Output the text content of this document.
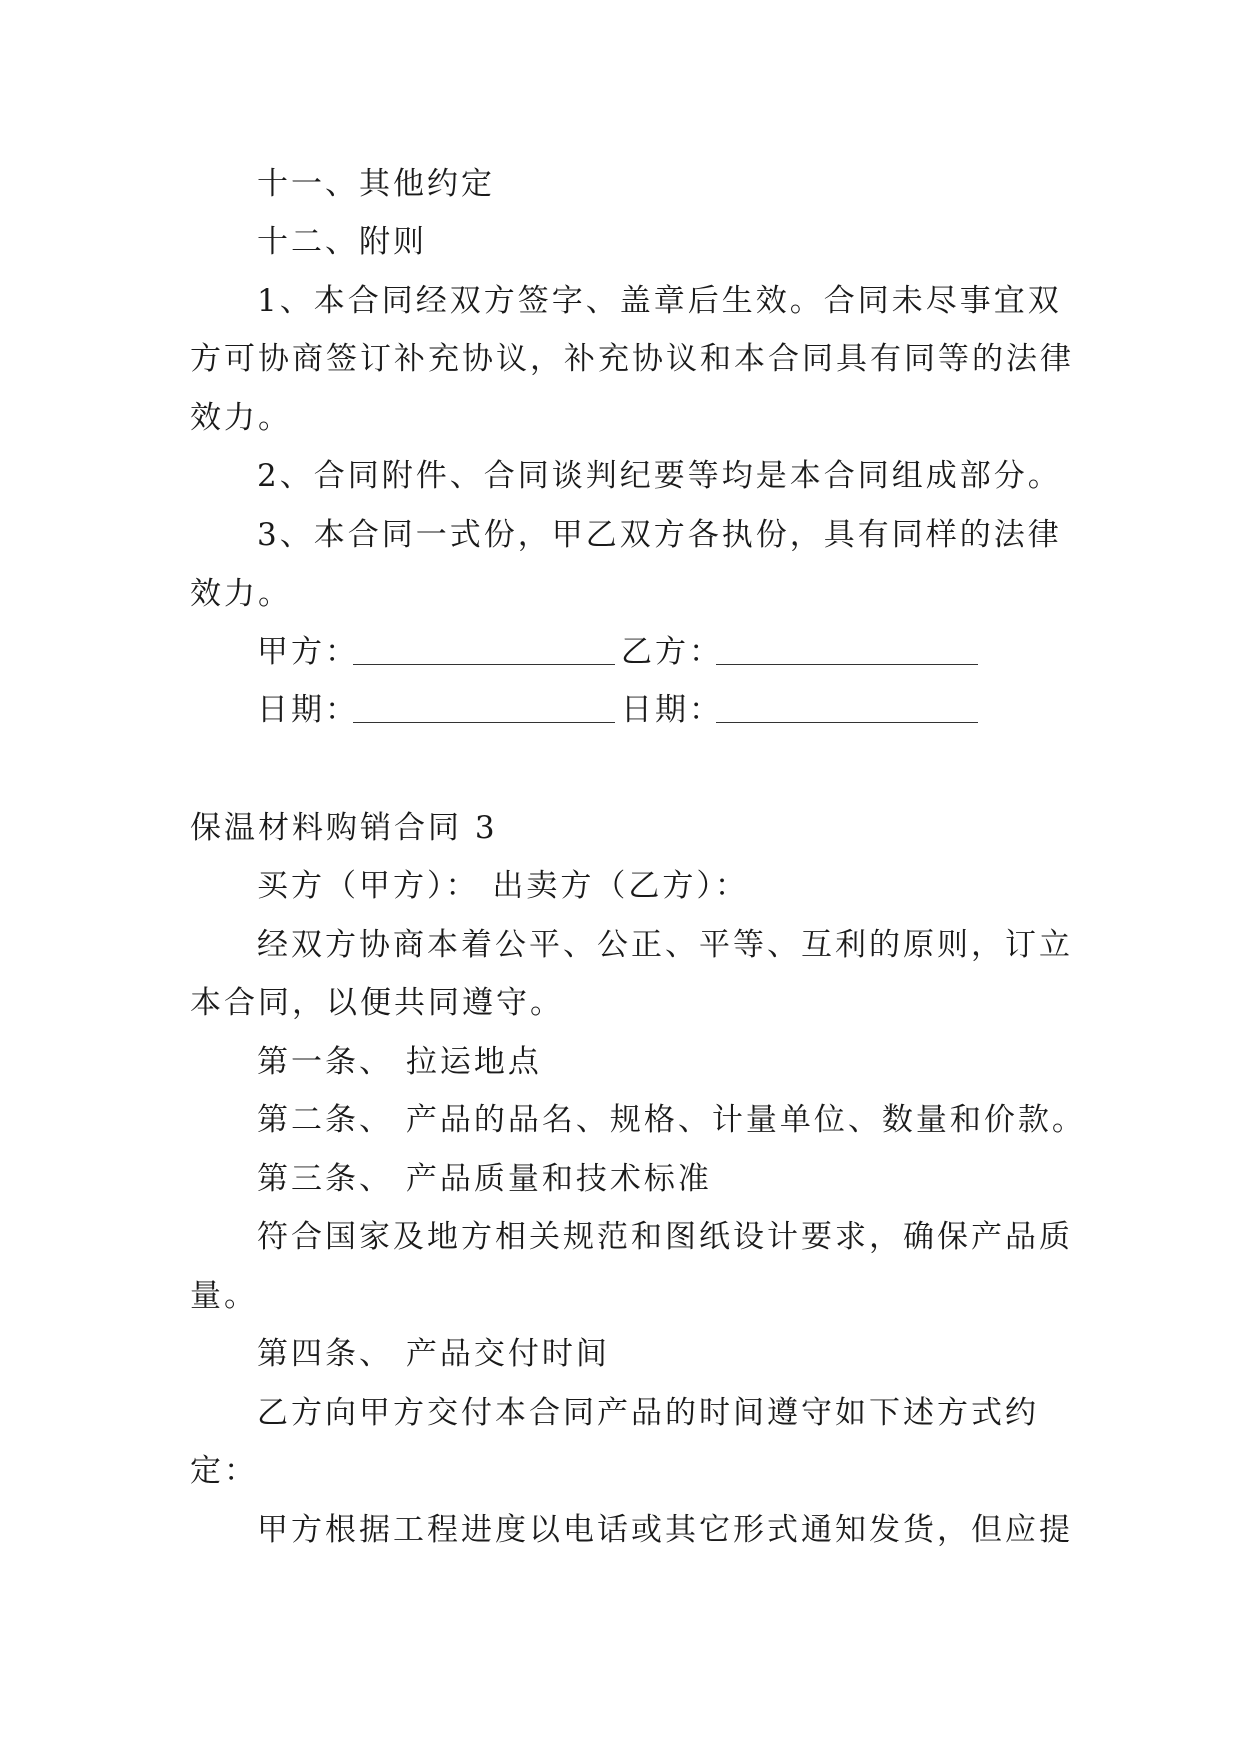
十一、其他约定
十二、附则
1、本合同经双方签字、盖章后生效。合同未尽事宜双
方可协商签订补充协议，补充协议和本合同具有同等的法律
效力。
2、合同附件、合同谈判纪要等均是本合同组成部分。
3、本合同一式份，甲乙双方各执份，具有同样的法律
效力。
甲方：	乙方：
日期：	日期：
保温材料购销合同 3
买方（甲方）： 出卖方（乙方）：
经双方协商本着公平、公正、平等、互利的原则，订立
本合同，以便共同遵守。
第一条、 拉运地点
第二条、 产品的品名、规格、计量单位、数量和价款。
第三条、 产品质量和技术标准
符合国家及地方相关规范和图纸设计要求，确保产品质
量。
第四条、 产品交付时间
乙方向甲方交付本合同产品的时间遵守如下述方式约
定：
甲方根据工程进度以电话或其它形式通知发货，但应提
